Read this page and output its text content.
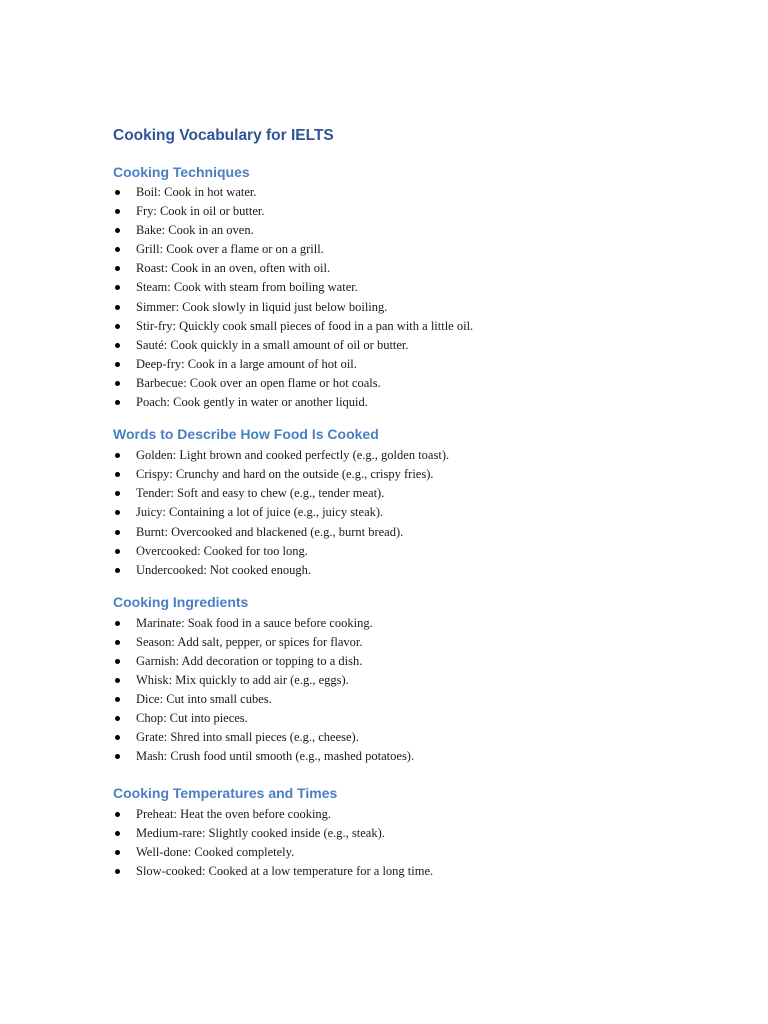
Cooking Vocabulary for IELTS
Cooking Techniques
Boil: Cook in hot water.
Fry: Cook in oil or butter.
Bake: Cook in an oven.
Grill: Cook over a flame or on a grill.
Roast: Cook in an oven, often with oil.
Steam: Cook with steam from boiling water.
Simmer: Cook slowly in liquid just below boiling.
Stir-fry: Quickly cook small pieces of food in a pan with a little oil.
Sauté: Cook quickly in a small amount of oil or butter.
Deep-fry: Cook in a large amount of hot oil.
Barbecue: Cook over an open flame or hot coals.
Poach: Cook gently in water or another liquid.
Words to Describe How Food Is Cooked
Golden: Light brown and cooked perfectly (e.g., golden toast).
Crispy: Crunchy and hard on the outside (e.g., crispy fries).
Tender: Soft and easy to chew (e.g., tender meat).
Juicy: Containing a lot of juice (e.g., juicy steak).
Burnt: Overcooked and blackened (e.g., burnt bread).
Overcooked: Cooked for too long.
Undercooked: Not cooked enough.
Cooking Ingredients
Marinate: Soak food in a sauce before cooking.
Season: Add salt, pepper, or spices for flavor.
Garnish: Add decoration or topping to a dish.
Whisk: Mix quickly to add air (e.g., eggs).
Dice: Cut into small cubes.
Chop: Cut into pieces.
Grate: Shred into small pieces (e.g., cheese).
Mash: Crush food until smooth (e.g., mashed potatoes).
Cooking Temperatures and Times
Preheat: Heat the oven before cooking.
Medium-rare: Slightly cooked inside (e.g., steak).
Well-done: Cooked completely.
Slow-cooked: Cooked at a low temperature for a long time.
